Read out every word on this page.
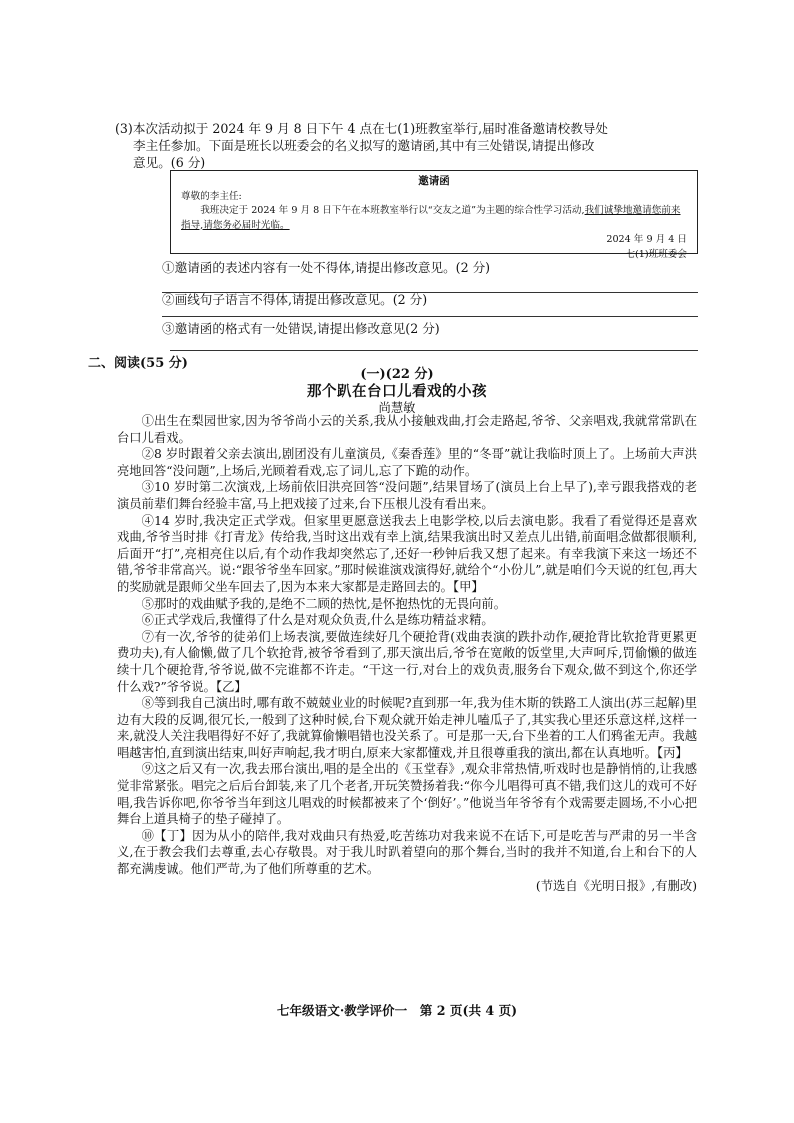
(3)本次活动拟于 2024 年 9 月 8 日下午 4 点在七(1)班教室举行,届时准备邀请校教导处
李主任参加。下面是班长以班委会的名义拟写的邀请函,其中有三处错误,请提出修改
意见。(6 分)
邀请函
尊敬的李主任:
我班决定于 2024 年 9 月 8 日下午在本班教室举行以“交友之道”为主题的综合性学习活动,我们诚挚地邀请您前来指导,请您务必届时光临。
2024 年 9 月 4 日
七(1)班班委会
①邀请函的表述内容有一处不得体,请提出修改意见。(2 分)
②画线句子语言不得体,请提出修改意见。(2 分)
③邀请函的格式有一处错误,请提出修改意见(2 分)
二、阅读(55 分)
(一)(22 分)
那个趴在台口儿看戏的小孩
尚慧敏

①出生在梨园世家,因为爷爷尚小云的关系,我从小接触戏曲,打会走路起,爷爷、父亲唱戏,我就常常趴在台口儿看戏。

②8 岁时跟着父亲去演出,剧团没有儿童演员,《秦香莲》里的“冬哥”就让我临时顶上了。上场前大声洪亮地回答“没问题”,上场后,光顾着看戏,忘了词儿,忘了下跪的动作。

③10 岁时第二次演戏,上场前依旧洪亮回答“没问题”,结果冒场了(演员上台上早了),幸亏跟我搭戏的老演员前辈们舞台经验丰富,马上把戏接了过来,台下压根儿没有看出来。

④14 岁时,我决定正式学戏。但家里更愿意送我去上电影学校,以后去演电影。我看了看觉得还是喜欢戏曲,爷爷当时排《打青龙》传给我,当时这出戏有幸上演,结果我演出时又差点儿出错,前面唱念做都很顺利,后面开“打”,亮相亮住以后,有个动作我却突然忘了,还好一秒钟后我又想了起来。有幸我演下来这一场还不错,爷爷非常高兴。说:“跟爷爷坐车回家。”那时候谁演戏演得好,就给个“小份儿”,就是咱们今天说的红包,再大的奖励就是跟师父坐车回去了,因为本来大家都是走路回去的。【甲】

⑤那时的戏曲赋予我的,是绝不二顾的热忱,是怀抱热忱的无畏向前。

⑥正式学戏后,我懂得了什么是对观众负责,什么是练功精益求精。

⑦有一次,爷爷的徒弟们上场表演,要做连续好几个硬抢背(戏曲表演的跌扑动作,硬抢背比软抢背更累更费功夫),有人偷懒,做了几个软抢背,被爷爷看到了,那天演出后,爷爷在宽敞的饭堂里,大声呵斥,罚偷懒的做连续十几个硬抢背,爷爷说,做不完谁都不许走。“干这一行,对台上的戏负责,服务台下观众,做不到这个,你还学什么戏?”爷爷说。【乙】

⑧等到我自己演出时,哪有敢不兢兢业业的时候呢?直到那一年,我为佳木斯的铁路工人演出(苏三起解)里边有大段的反调,很冗长,一般到了这种时候,台下观众就开始走神儿嗑瓜子了,其实我心里还乐意这样,这样一来,就没人关注我唱得好不好了,我就算偷懒唱错也没关系了。可是那一天,台下坐着的工人们鸦雀无声。我越唱越害怕,直到演出结束,叫好声响起,我才明白,原来大家都懂戏,并且很尊重我的演出,都在认真地听。【丙】

⑨这之后又有一次,我去邢台演出,唱的是全出的《玉堂春》,观众非常热情,听戏时也是静悄悄的,让我感觉非常紧张。唱完之后后台卸装,来了几个老者,开玩笑赞扬着我:“你今儿唱得可真不错,我们这儿的戏可不好唱,我告诉你吧,你爷爷当年到这儿唱戏的时候都被来了个‘倒好’。”他说当年爷爷有个戏需要走圆场,不小心把舞台上道具椅子的垫子碰掉了。

⑩【丁】因为从小的陪伴,我对戏曲只有热爱,吃苦练功对我来说不在话下,可是吃苦与严肃的另一半含义,在于教会我们去尊重,去心存敬畏。对于我儿时趴着望向的那个舞台,当时的我并不知道,台上和台下的人都充满虔诚。他们严苛,为了他们所尊重的艺术。

(节选自《光明日报》,有删改)
七年级语文·教学评价一　第 2 页(共 4 页)
